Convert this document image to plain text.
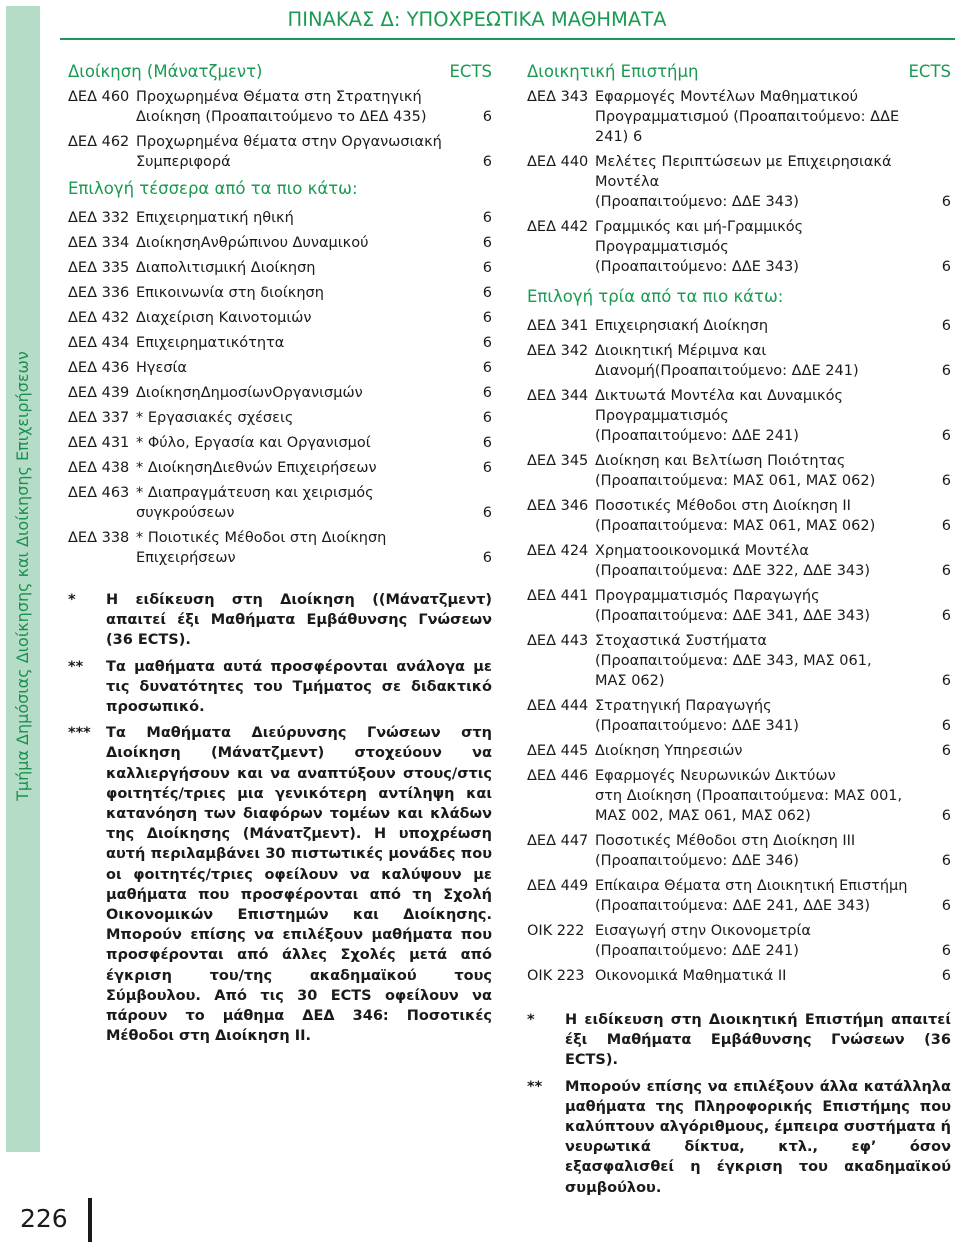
Τμήμα Δημόσιας Διοίκησης και Διοίκησης Επιχειρήσεων
ΠΙΝΑΚΑΣ Δ: ΥΠΟΧΡΕΩΤΙΚΑ ΜΑΘΗΜΑΤΑ
Διοίκηση (Μάνατζμεντ)	ECTS
ΔΕΔ 460 Προχωρημένα Θέματα στη Στρατηγική
Διοίκηση (Προαπαιτούμενο το ΔΕΔ 435)	6
ΔΕΔ 462 Προχωρημένα θέματα στην Οργανωσιακή
Συμπεριφορά	6
Επιλογή τέσσερα από τα πιο κάτω:
ΔΕΔ 332 Επιχειρηματική ηθική	6
ΔΕΔ 334 ΔιοίκησηΑνθρώπινου Δυναμικού	6
ΔΕΔ 335 Διαπολιτισμική Διοίκηση	6
ΔΕΔ 336 Επικοινωνία στη διοίκηση	6
ΔΕΔ 432 Διαχείριση Καινοτομιών	6
ΔΕΔ 434 Επιχειρηματικότητα	6
ΔΕΔ 436 Ηγεσία	6
ΔΕΔ 439 ΔιοίκησηΔημοσίωνΟργανισμών	6
ΔΕΔ 337 * Εργασιακές σχέσεις	6
ΔΕΔ 431 * Φύλο, Εργασία και Οργανισμοί	6
ΔΕΔ 438 * ΔιοίκησηΔιεθνών Επιχειρήσεων	6
ΔΕΔ 463 * Διαπραγμάτευση και χειρισμός
συγκρούσεων	6
ΔΕΔ 338 * Ποιοτικές Μέθοδοι στη Διοίκηση
Επιχειρήσεων	6
*	Η ειδίκευση στη Διοίκηση ((Μάνατζμεντ) απαιτεί έξι Μαθήματα Εμβάθυνσης Γνώσεων (36 ECTS).
**	Τα μαθήματα αυτά προσφέρονται ανάλογα με τις δυνατότητες του Τμήματος σε διδακτικό προσωπικό.
***	Τα Μαθήματα Διεύρυνσης Γνώσεων στη Διοίκηση (Μάνατζμεντ) στοχεύουν να καλλιεργήσουν και να αναπτύξουν στους/στις φοιτητές/τριες μια γενικότερη αντίληψη και κατανόηση των διαφόρων τομέων και κλάδων της Διοίκησης (Μάνατζμεντ). Η υποχρέωση αυτή περιλαμβάνει 30 πιστωτικές μονάδες που οι φοιτητές/τριες οφείλουν να καλύψουν με μαθήματα που προσφέρονται από τη Σχολή Οικονομικών Επιστημών και Διοίκησης. Μπορούν επίσης να επιλέξουν μαθήματα που προσφέρονται από άλλες Σχολές μετά από έγκριση του/της ακαδημαϊκού τους Σύμβουλου. Από τις 30 ECTS οφείλουν να πάρουν το μάθημα ΔΕΔ 346: Ποσοτικές Μέθοδοι στη Διοίκηση ΙΙ.
Διοικητική Επιστήμη	ECTS
ΔΕΔ 343 Εφαρμογές Μοντέλων Μαθηματικού
Προγραμματισμού (Προαπαιτούμενο: ΔΔΕ 241) 6
ΔΕΔ 440 Μελέτες Περιπτώσεων με Επιχειρησιακά Μοντέλα
(Προαπαιτούμενο: ΔΔΕ 343)	6
ΔΕΔ 442 Γραμμικός και μή-Γραμμικός
Προγραμματισμός
(Προαπαιτούμενο: ΔΔΕ 343)	6
Επιλογή τρία από τα πιο κάτω:
ΔΕΔ 341 Επιχειρησιακή Διοίκηση	6
ΔΕΔ 342 Διοικητική Μέριμνα και
Διανομή(Προαπαιτούμενο: ΔΔΕ 241)	6
ΔΕΔ 344 Δικτυωτά Μοντέλα και Δυναμικός
Προγραμματισμός
(Προαπαιτούμενο: ΔΔΕ 241)	6
ΔΕΔ 345 Διοίκηση και Βελτίωση Ποιότητας
(Προαπαιτούμενα: ΜΑΣ 061, ΜΑΣ 062)	6
ΔΕΔ 346 Ποσοτικές Μέθοδοι στη Διοίκηση ΙΙ
(Προαπαιτούμενα: ΜΑΣ 061, ΜΑΣ 062)	6
ΔΕΔ 424 Χρηματοοικονομικά Μοντέλα
(Προαπαιτούμενα: ΔΔΕ 322, ΔΔΕ 343)	6
ΔΕΔ 441 Προγραμματισμός Παραγωγής
(Προαπαιτούμενα: ΔΔΕ 341, ΔΔΕ 343)	6
ΔΕΔ 443 Στοχαστικά Συστήματα
(Προαπαιτούμενα: ΔΔΕ 343, ΜΑΣ 061,
ΜΑΣ 062)	6
ΔΕΔ 444 Στρατηγική Παραγωγής
(Προαπαιτούμενο: ΔΔΕ 341)	6
ΔΕΔ 445 Διοίκηση Υπηρεσιών	6
ΔΕΔ 446 Εφαρμογές Νευρωνικών Δικτύων
στη Διοίκηση (Προαπαιτούμενα: ΜΑΣ 001,
ΜΑΣ 002, ΜΑΣ 061, ΜΑΣ 062)	6
ΔΕΔ 447 Ποσοτικές Μέθοδοι στη Διοίκηση ΙΙΙ
(Προαπαιτούμενο: ΔΔΕ 346)	6
ΔΕΔ 449 Επίκαιρα Θέματα στη Διοικητική Επιστήμη
(Προαπαιτούμενα: ΔΔΕ 241, ΔΔΕ 343)	6
ΟΙΚ 222 Εισαγωγή στην Οικονομετρία
(Προαπαιτούμενο: ΔΔΕ 241)	6
ΟΙΚ 223 Οικονομικά Μαθηματικά ΙΙ	6
*	Η ειδίκευση στη Διοικητική Επιστήμη απαιτεί έξι Μαθήματα Εμβάθυνσης Γνώσεων (36 ECTS).
**	Μπορούν επίσης να επιλέξουν άλλα κατάλληλα μαθήματα της Πληροφορικής Επιστήμης που καλύπτουν αλγόριθμους, έμπειρα συστήματα ή νευρωτικά δίκτυα, κτλ., εφ’ όσον εξασφαλισθεί η έγκριση του ακαδημαϊκού συμβούλου.
226
